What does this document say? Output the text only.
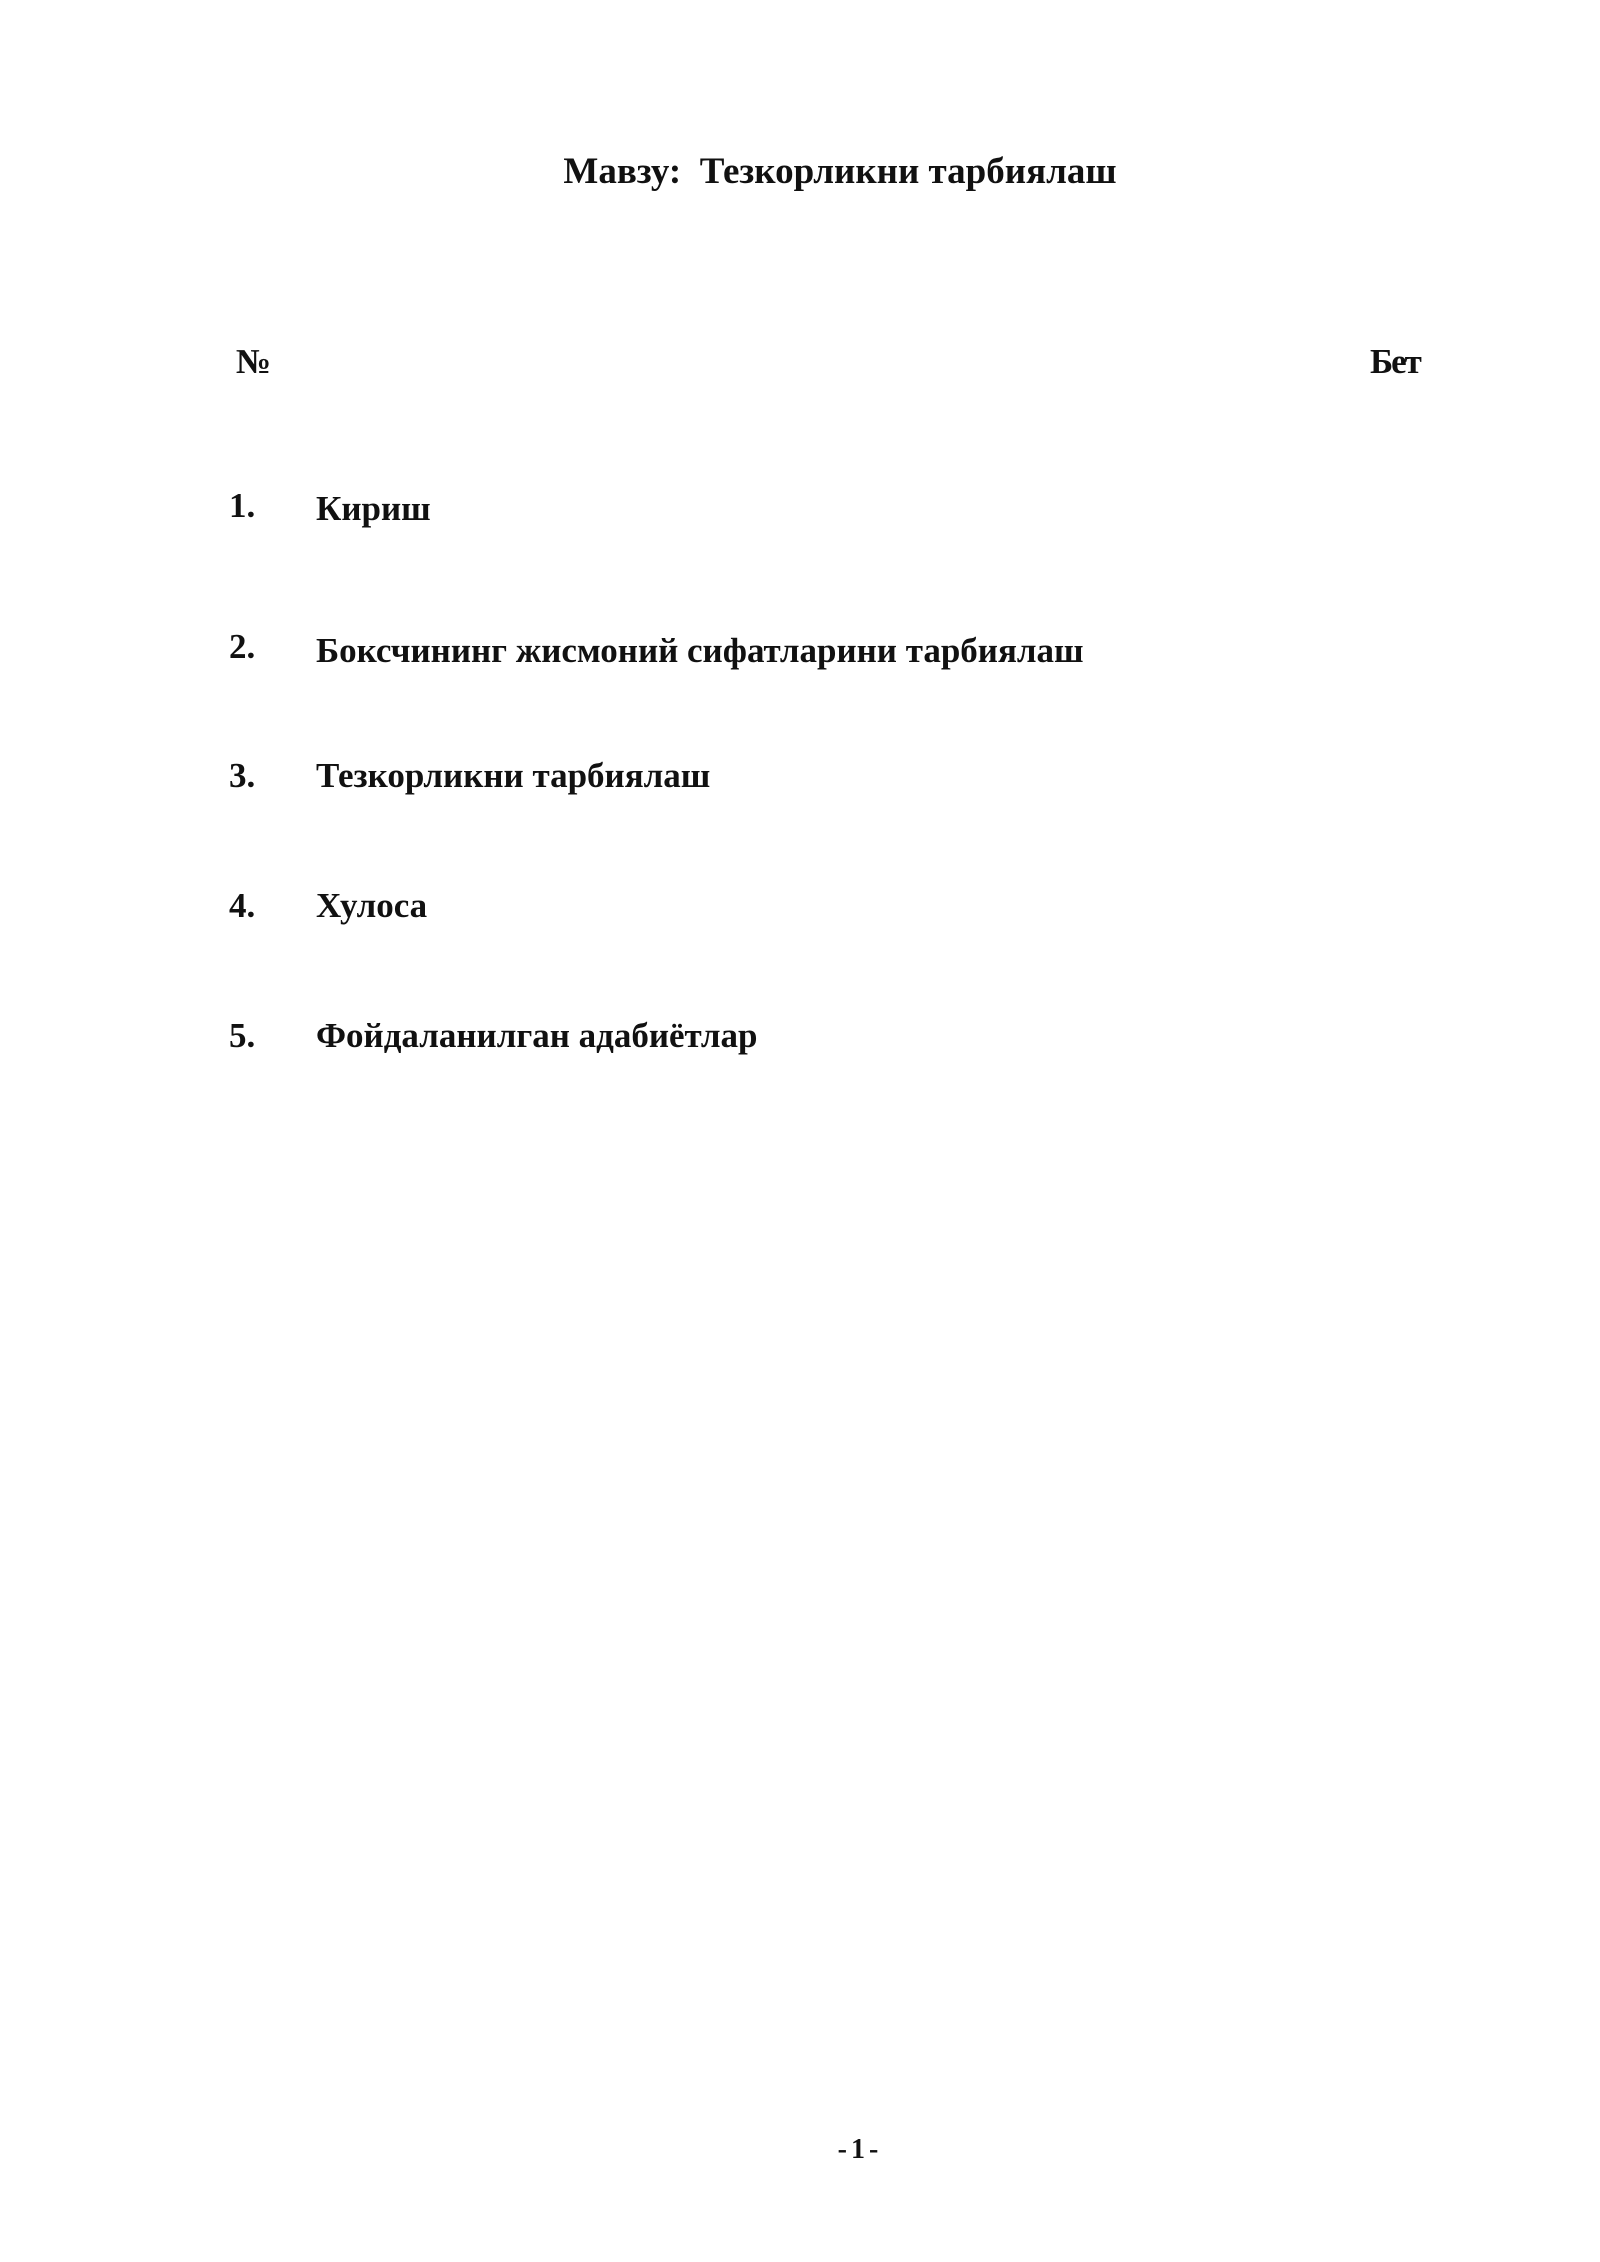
Мавзу:  Тезкорликни тарбиялаш
№	Бет
1. Кириш
2. Боксчининг жисмоний сифатларини тарбиялаш
3. Тезкорликни тарбиялаш
4. Хулоса
5. Фойдаланилган адабиётлар
-1-
